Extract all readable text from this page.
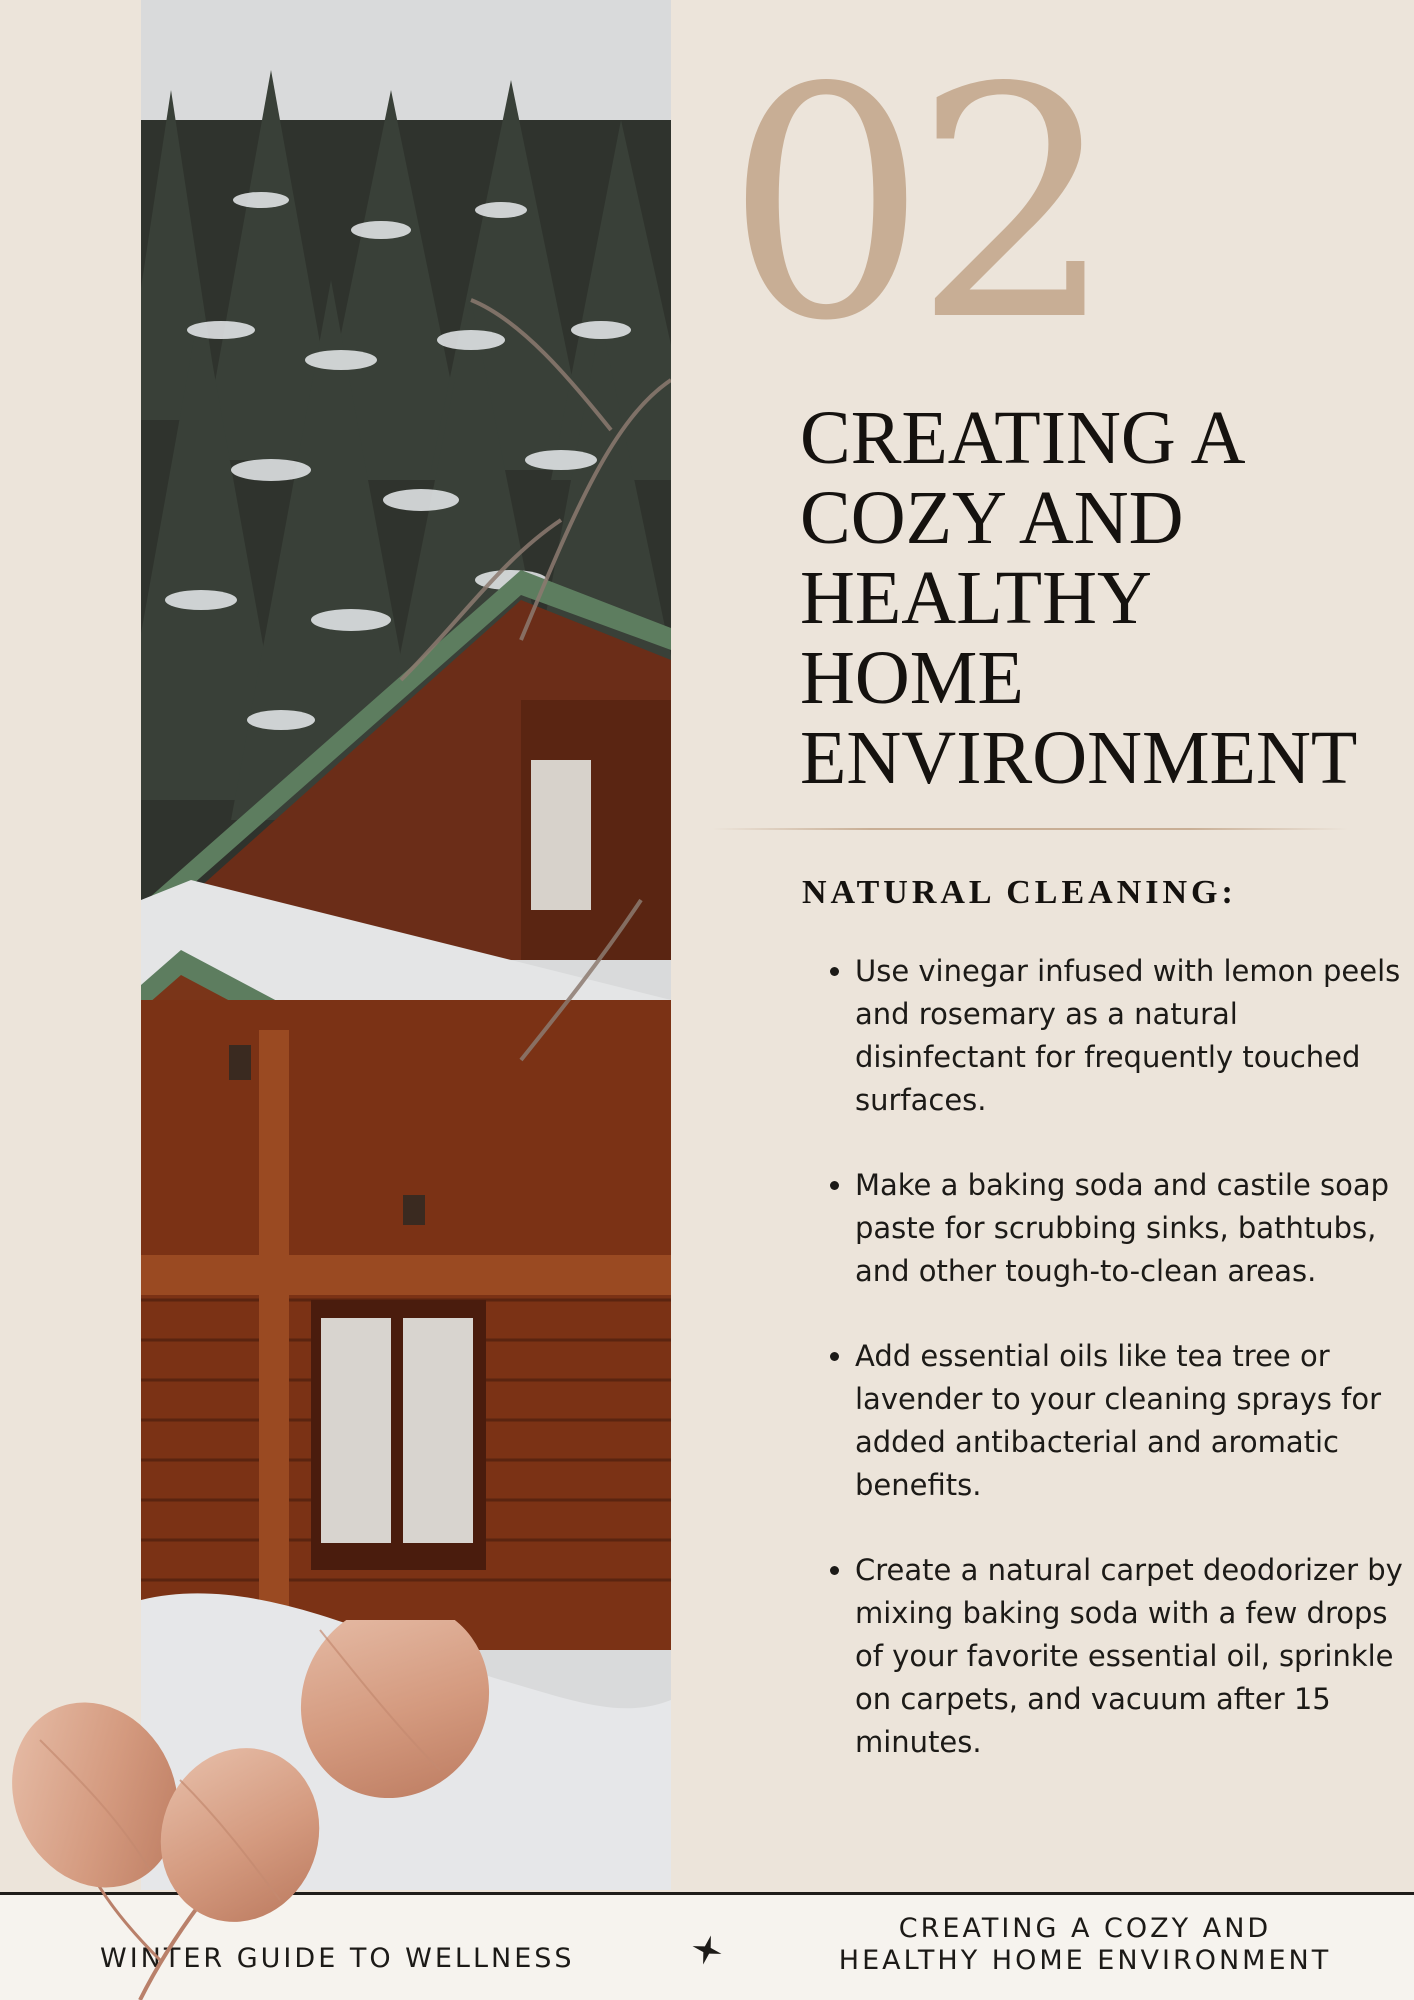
02
CREATING A
COZY AND
HEALTHY
HOME
ENVIRONMENT
NATURAL CLEANING:
• Use vinegar infused with lemon peels and rosemary as a natural disinfectant for frequently touched surfaces.
• Make a baking soda and castile soap paste for scrubbing sinks, bathtubs, and other tough-to-clean areas.
• Add essential oils like tea tree or lavender to your cleaning sprays for added antibacterial and aromatic benefits.
• Create a natural carpet deodorizer by mixing baking soda with a few drops of your favorite essential oil, sprinkle on carpets, and vacuum after 15 minutes.
WINTER GUIDE TO WELLNESS
CREATING A COZY AND
HEALTHY HOME ENVIRONMENT
